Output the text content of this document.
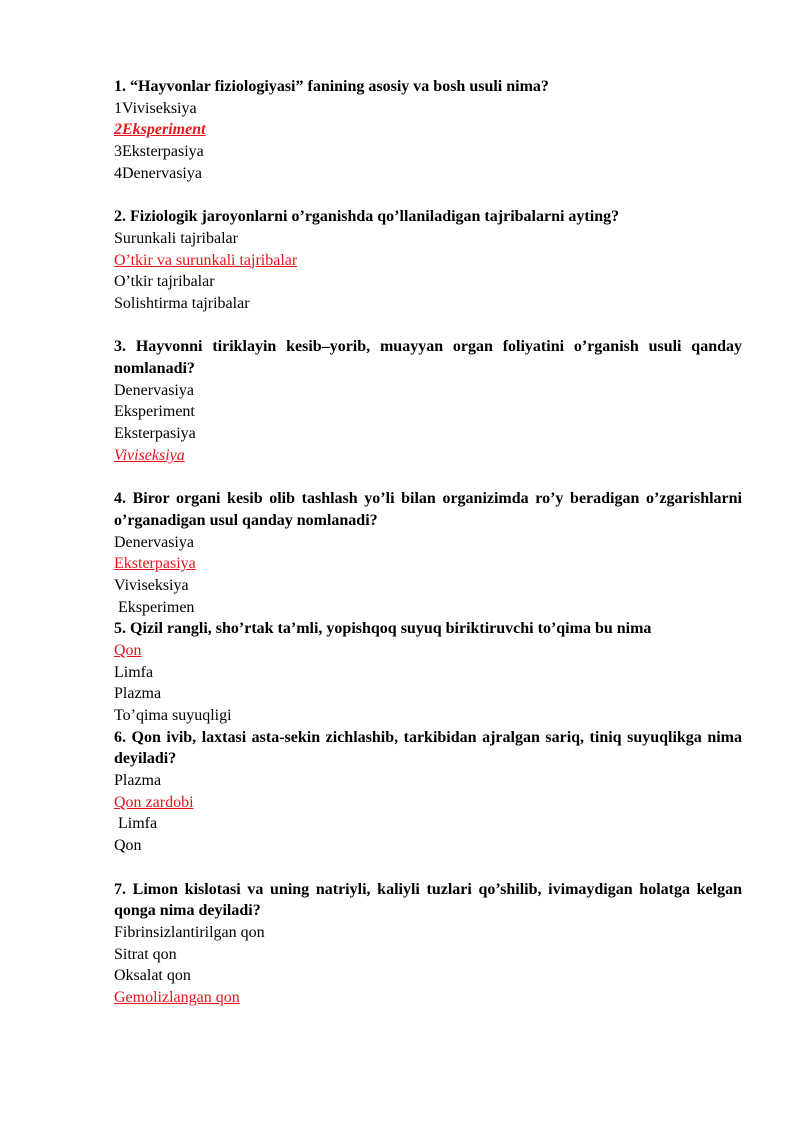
1. “Hayvonlar fiziologiyasi” fanining asosiy va bosh usuli nima?
1Viviseksiya
2Eksperiment
3Eksterpasiya
4Denervasiya
2. Fiziologik jaroyonlarni o’rganishda qo’llaniladigan tajribalarni ayting?
Surunkali tajribalar
O’tkir va surunkali tajribalar
O’tkir tajribalar
Solishtirma tajribalar
3. Hayvonni tiriklayin kesib–yorib, muayyan organ foliyatini o’rganish usuli qanday nomlanadi?
Denervasiya
Eksperiment
Eksterpasiya
Viviseksiya
4. Biror organi kesib olib tashlash yo’li bilan organizimda ro’y beradigan o’zgarishlarni o’rganadigan usul qanday nomlanadi?
Denervasiya
Eksterpasiya
Viviseksiya
Eksperimen
5. Qizil rangli, sho’rtak ta’mli, yopishqoq suyuq biriktiruvchi to’qima bu nima
Qon
Limfa
Plazma
To’qima suyuqligi
6. Qon ivib, laxtasi asta-sekin zichlashib, tarkibidan ajralgan sariq, tiniq suyuqlikga nima deyiladi?
Plazma
Qon zardobi
Limfa
Qon
7. Limon kislotasi va uning natriyli, kaliyli tuzlari qo’shilib, ivimaydigan holatga kelgan qonga nima deyiladi?
Fibrinsizlantirilgan qon
Sitrat qon
Oksalat qon
Gemolizlangan qon
